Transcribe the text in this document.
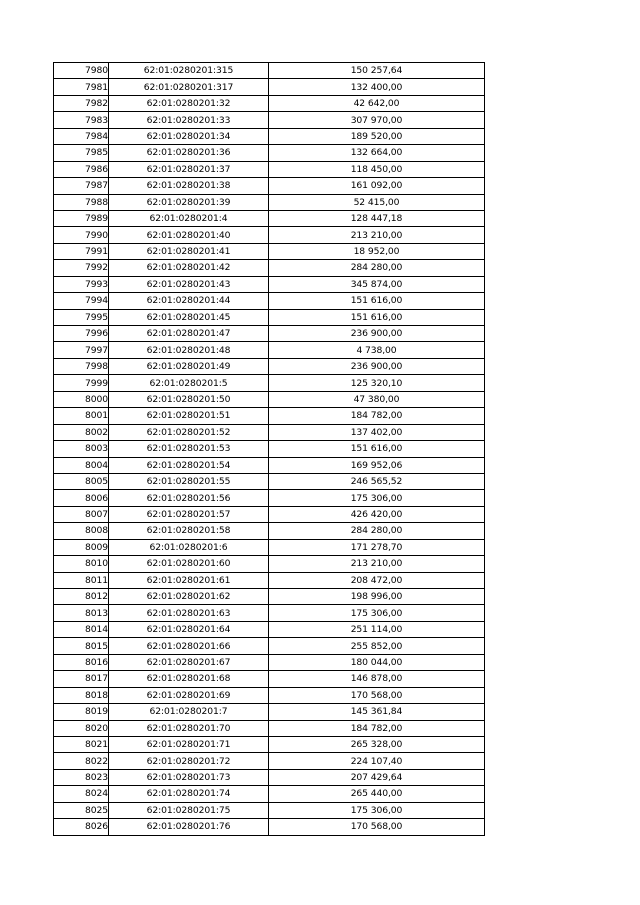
7980	62:01:0280201:315	150 257,64
7981	62:01:0280201:317	132 400,00
7982	62:01:0280201:32	42 642,00
7983	62:01:0280201:33	307 970,00
7984	62:01:0280201:34	189 520,00
7985	62:01:0280201:36	132 664,00
7986	62:01:0280201:37	118 450,00
7987	62:01:0280201:38	161 092,00
7988	62:01:0280201:39	52 415,00
7989	62:01:0280201:4	128 447,18
7990	62:01:0280201:40	213 210,00
7991	62:01:0280201:41	18 952,00
7992	62:01:0280201:42	284 280,00
7993	62:01:0280201:43	345 874,00
7994	62:01:0280201:44	151 616,00
7995	62:01:0280201:45	151 616,00
7996	62:01:0280201:47	236 900,00
7997	62:01:0280201:48	4 738,00
7998	62:01:0280201:49	236 900,00
7999	62:01:0280201:5	125 320,10
8000	62:01:0280201:50	47 380,00
8001	62:01:0280201:51	184 782,00
8002	62:01:0280201:52	137 402,00
8003	62:01:0280201:53	151 616,00
8004	62:01:0280201:54	169 952,06
8005	62:01:0280201:55	246 565,52
8006	62:01:0280201:56	175 306,00
8007	62:01:0280201:57	426 420,00
8008	62:01:0280201:58	284 280,00
8009	62:01:0280201:6	171 278,70
8010	62:01:0280201:60	213 210,00
8011	62:01:0280201:61	208 472,00
8012	62:01:0280201:62	198 996,00
8013	62:01:0280201:63	175 306,00
8014	62:01:0280201:64	251 114,00
8015	62:01:0280201:66	255 852,00
8016	62:01:0280201:67	180 044,00
8017	62:01:0280201:68	146 878,00
8018	62:01:0280201:69	170 568,00
8019	62:01:0280201:7	145 361,84
8020	62:01:0280201:70	184 782,00
8021	62:01:0280201:71	265 328,00
8022	62:01:0280201:72	224 107,40
8023	62:01:0280201:73	207 429,64
8024	62:01:0280201:74	265 440,00
8025	62:01:0280201:75	175 306,00
8026	62:01:0280201:76	170 568,00
